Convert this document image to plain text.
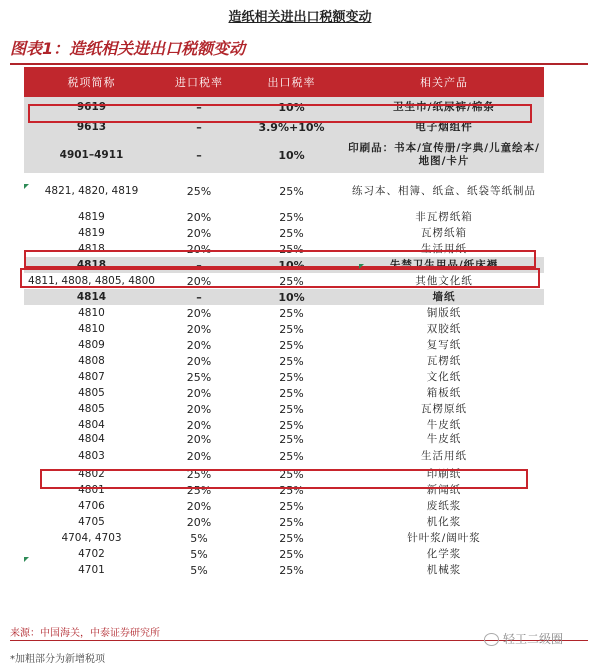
造纸相关进出口税额变动
图表1：造纸相关进出口税额变动
税项简称	进口税率	出口税率	相关产品
9619	–	10%	卫生巾/纸尿裤/棉条
9613	–	3.9%+10%	电子烟组件
4901–4911	–	10%	印刷品：书本/宣传册/字典/儿童绘本/地图/卡片
4821, 4820, 4819	25%	25%	练习本、相簿、纸盒、纸袋等纸制品
4819	20%	25%	非瓦楞纸箱
4819	20%	25%	瓦楞纸箱
4818	20%	25%	生活用纸
4818	–	10%	失禁卫生用品/纸床褥
4811, 4808, 4805, 4800	20%	25%	其他文化纸
4814	–	10%	墙纸
4810	20%	25%	铜版纸
4810	20%	25%	双胶纸
4809	20%	25%	复写纸
4808	20%	25%	瓦楞纸
4807	25%	25%	文化纸
4805	20%	25%	箱板纸
4805	20%	25%	瓦楞原纸
4804	20%	25%	牛皮纸
4804	20%	25%	牛皮纸
4803	20%	25%	生活用纸
4802	25%	25%	印刷纸
4801	25%	25%	新闻纸
4706	20%	25%	废纸浆
4705	20%	25%	机化浆
4704, 4703	5%	25%	针叶浆/阔叶浆
4702	5%	25%	化学浆
4701	5%	25%	机械浆
来源：中国海关，中泰证券研究所
*加粗部分为新增税项
轻工二级圈
